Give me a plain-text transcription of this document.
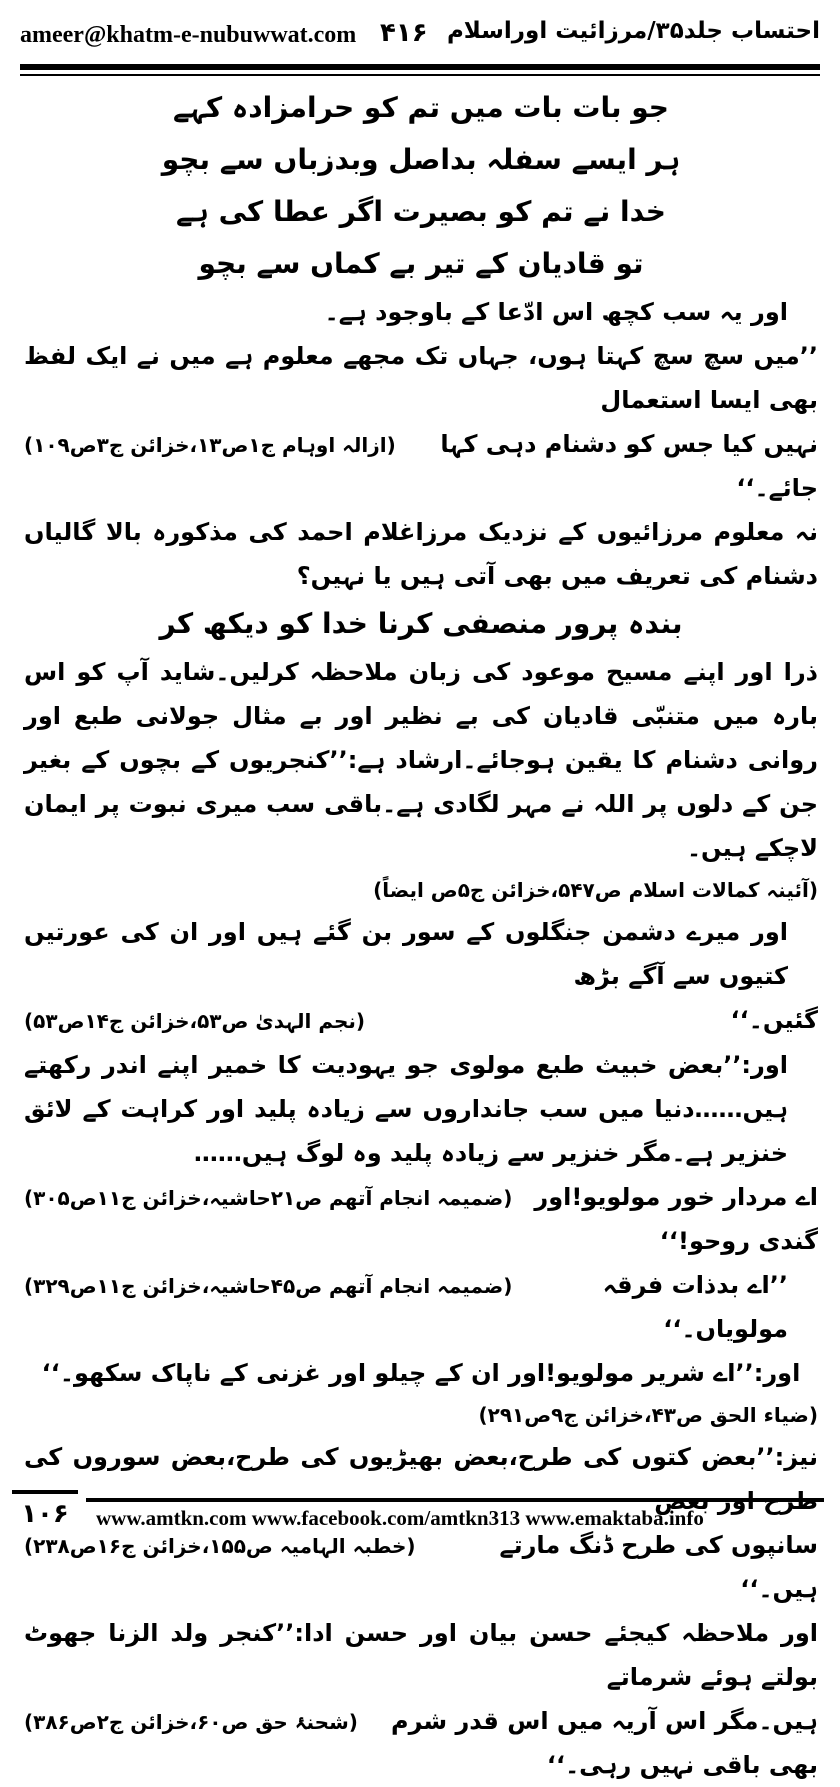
ameer@khatm-e-nubuwwat.com ۴۱۶ احتساب جلد۳۵/مرزائیت اوراسلام
جو بات بات میں تم کو حرامزادہ کہے
ہر ایسے سفلہ بداصل وبدزباں سے بچو
خدا نے تم کو بصیرت اگر عطا کی ہے
تو قادیان کے تیر بے کماں سے بچو
اور یہ سب کچھ اس ادّعا کے باوجود ہے۔
’’میں سچ سچ کہتا ہوں، جہاں تک مجھے معلوم ہے میں نے ایک لفظ بھی ایسا استعمال
نہیں کیا جس کو دشنام دہی کہا جائے۔‘‘
(ازالہ اوہام ج۱ص۱۳،خزائن ج۳ص۱۰۹)
نہ معلوم مرزائیوں کے نزدیک مرزاغلام احمد کی مذکورہ بالا گالیاں دشنام کی تعریف میں بھی آتی ہیں یا نہیں؟
بندہ پرور منصفی کرنا خدا کو دیکھ کر
ذرا اور اپنے مسیح موعود کی زبان ملاحظہ کرلیں۔شاید آپ کو اس بارہ میں متنبّی قادیان کی بے نظیر اور بے مثال جولانی طبع اور روانی دشنام کا یقین ہوجائے۔ارشاد ہے:’’کنجریوں کے بچوں کے بغیر جن کے دلوں پر اللہ نے مہر لگادی ہے۔باقی سب میری نبوت پر ایمان لاچکے ہیں۔
(آئینہ کمالات اسلام ص۵۴۷،خزائن ج۵ص ایضاً)
اور میرے دشمن جنگلوں کے سور بن گئے ہیں اور ان کی عورتیں کتیوں سے آگے بڑھ
گئیں۔‘‘
(نجم الہدیٰ ص۵۳،خزائن ج۱۴ص۵۳)
اور:’’بعض خبیث طبع مولوی جو یہودیت کا خمیر اپنے اندر رکھتے ہیں……دنیا میں سب جانداروں سے زیادہ پلید اور کراہت کے لائق خنزیر ہے۔مگر خنزیر سے زیادہ پلید وہ لوگ ہیں……
اے مردار خور مولویو!اور گندی روحو!‘‘
(ضمیمہ انجام آتھم ص۲۱حاشیہ،خزائن ج۱۱ص۳۰۵)
’’اے بدذات فرقہ مولویاں۔‘‘
(ضمیمہ انجام آتھم ص۴۵حاشیہ،خزائن ج۱۱ص۳۲۹)
اور:’’اے شریر مولویو!اور ان کے چیلو اور غزنی کے ناپاک سکھو۔‘‘
(ضیاء الحق ص۴۳،خزائن ج۹ص۲۹۱)
نیز:’’بعض کتوں کی طرح،بعض بھیڑیوں کی طرح،بعض سوروں کی
سانپوں کی طرح ڈنگ مارتے ہیں۔‘‘
(خطبہ الہامیہ ص۱۵۵،خزائن ج۱۶ص۲۳۸)
اور ملاحظہ کیجئے حسن بیان اور حسن ادا:’’کنجر ولد الزنا جھوٹ بولتے ہوئے شرماتے
ہیں۔مگر اس آریہ میں اس قدر شرم بھی باقی نہیں رہی۔‘‘
(شحنۂ حق ص۶۰،خزائن ج۲ص۳۸۶)
۱۰۶	www.amtkn.com www.facebook.com/amtkn313 www.emaktaba.info
